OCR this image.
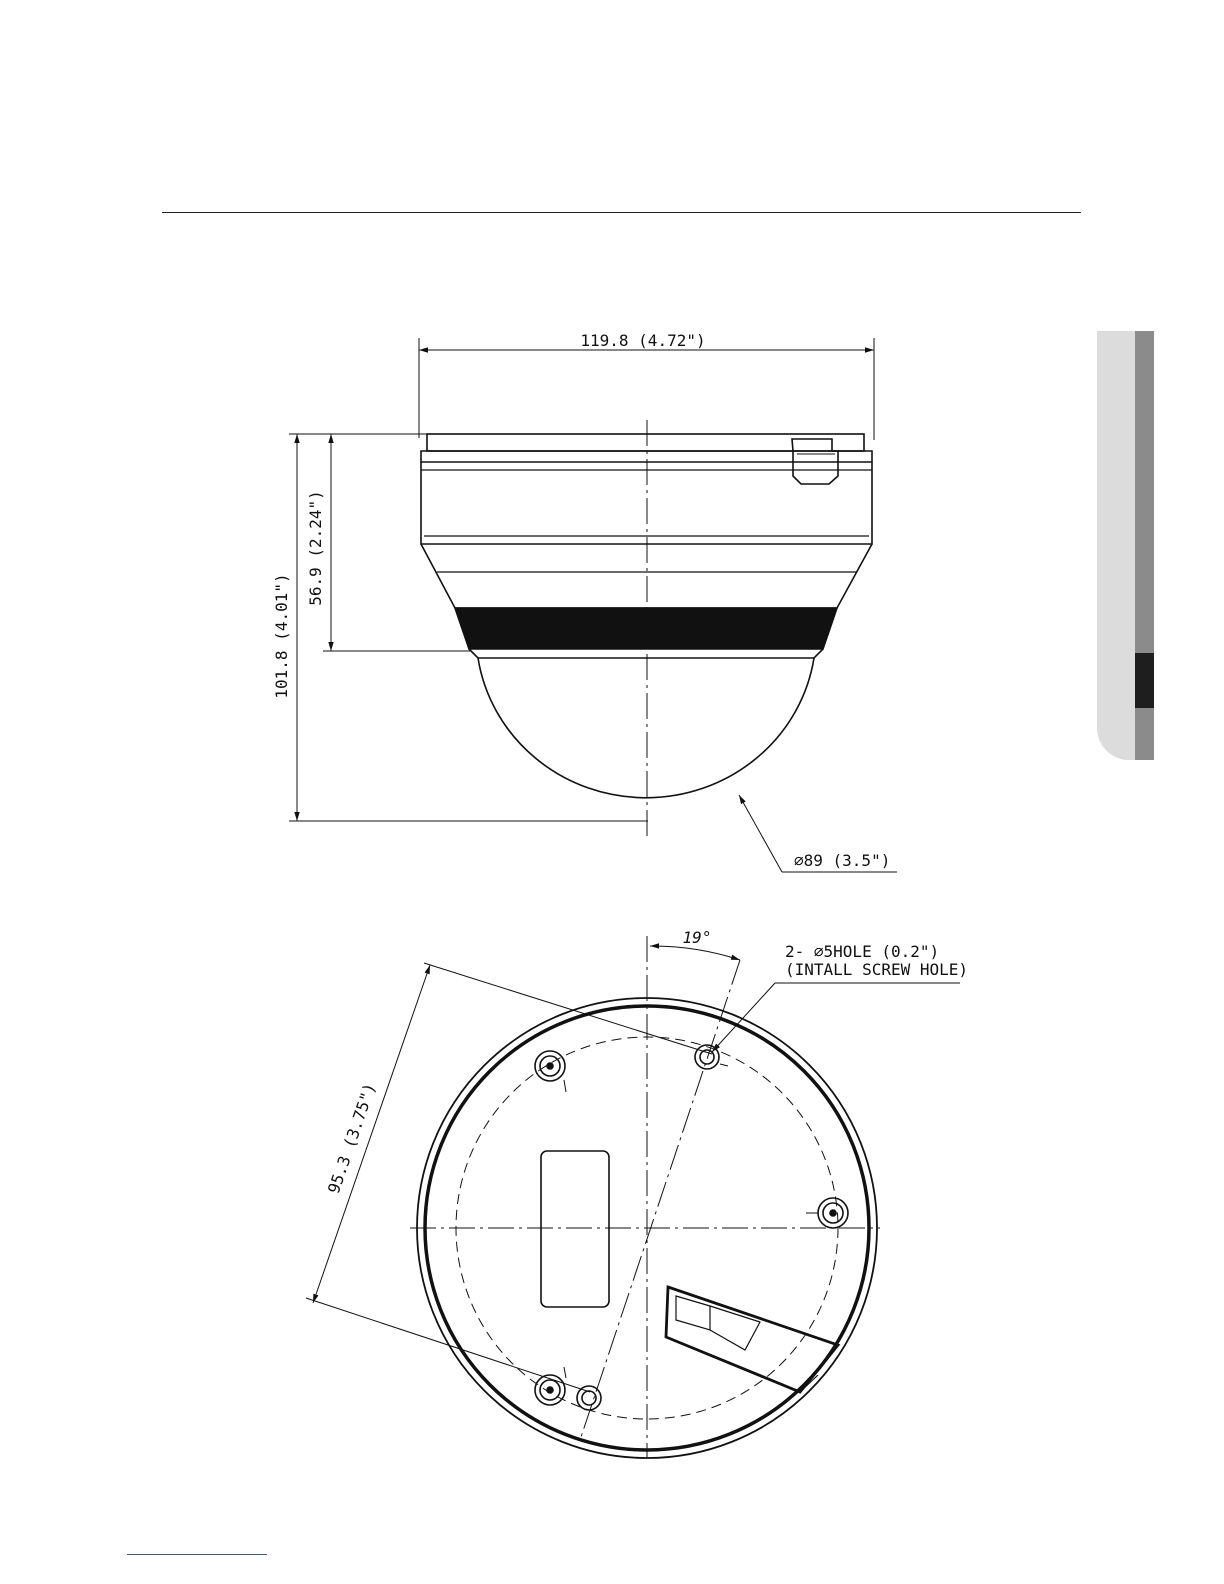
119.8 (4.72")
101.8 (4.01")
56.9 (2.24")
∅89 (3.5")
19°
2- ∅5HOLE (0.2")
(INTALL SCREW HOLE)
95.3 (3.75")
